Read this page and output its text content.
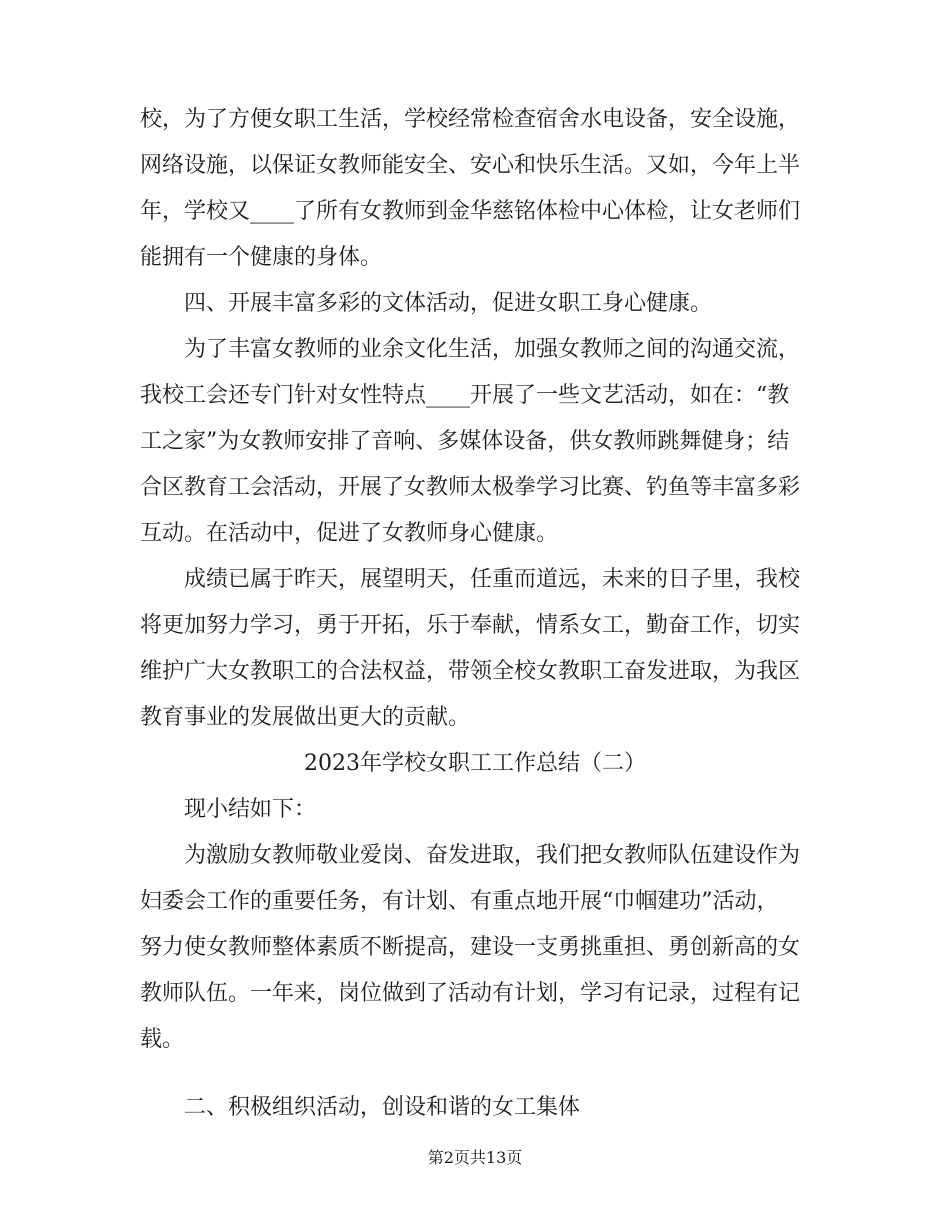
校，为了方便女职工生活，学校经常检查宿舍水电设备，安全设施，
网络设施，以保证女教师能安全、安心和快乐生活。又如，今年上半
年，学校又____了所有女教师到金华慈铭体检中心体检，让女老师们
能拥有一个健康的身体。
四、开展丰富多彩的文体活动，促进女职工身心健康。
为了丰富女教师的业余文化生活，加强女教师之间的沟通交流，
我校工会还专门针对女性特点____开展了一些文艺活动，如在：“教
工之家”为女教师安排了音响、多媒体设备，供女教师跳舞健身；结
合区教育工会活动，开展了女教师太极拳学习比赛、钓鱼等丰富多彩
互动。在活动中，促进了女教师身心健康。
成绩已属于昨天，展望明天，任重而道远，未来的日子里，我校
将更加努力学习，勇于开拓，乐于奉献，情系女工，勤奋工作，切实
维护广大女教职工的合法权益，带领全校女教职工奋发进取，为我区
教育事业的发展做出更大的贡献。
2023年学校女职工工作总结（二）
现小结如下：
为激励女教师敬业爱岗、奋发进取，我们把女教师队伍建设作为
妇委会工作的重要任务，有计划、有重点地开展“巾帼建功”活动，
努力使女教师整体素质不断提高，建设一支勇挑重担、勇创新高的女
教师队伍。一年来，岗位做到了活动有计划，学习有记录，过程有记
载。
二、积极组织活动，创设和谐的女工集体
第2页共13页
